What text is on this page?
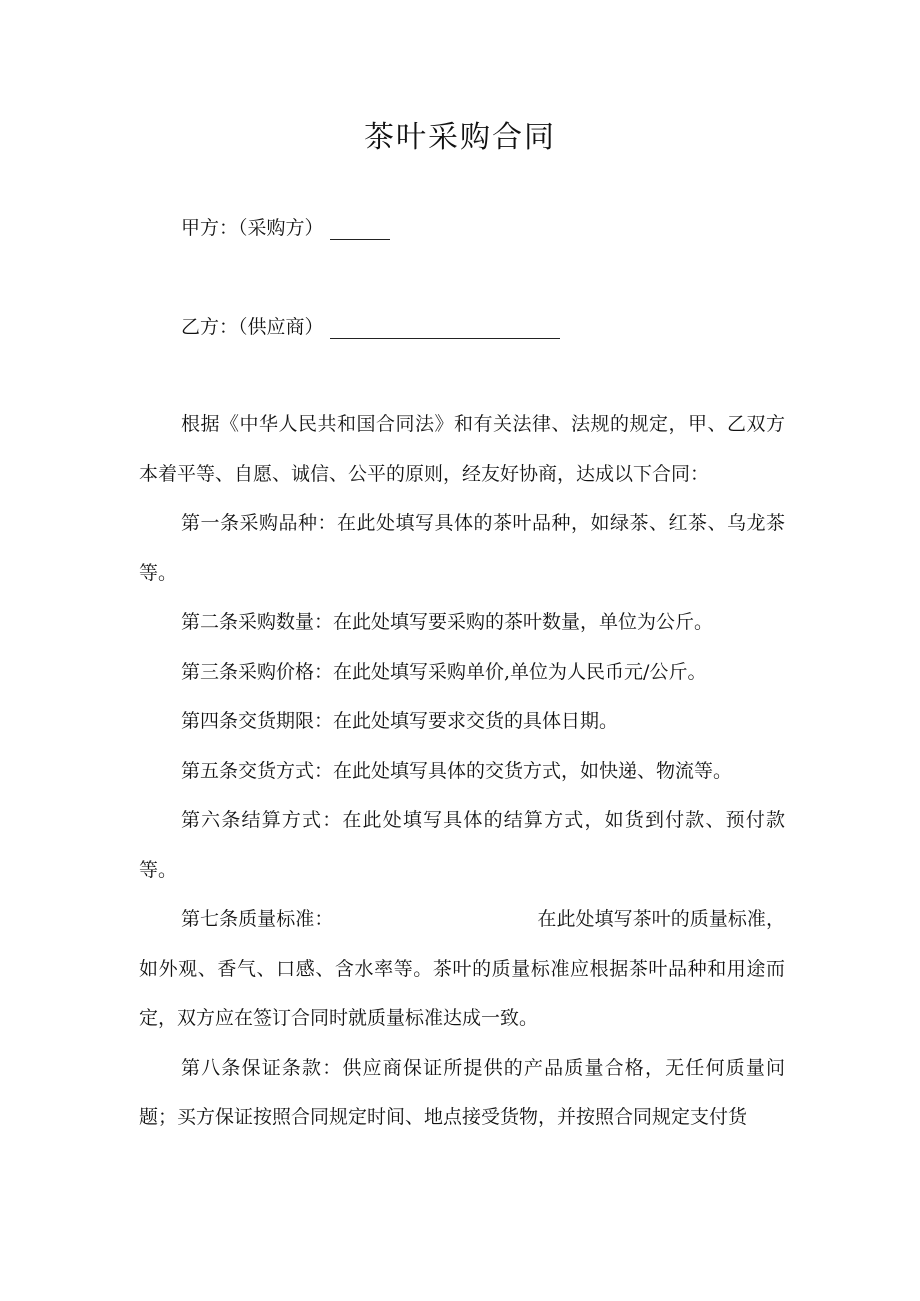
茶叶采购合同
甲方：（采购方）
乙方：（供应商）

根据《中华人民共和国合同法》和有关法律、法规的规定，甲、乙双方本着平等、自愿、诚信、公平的原则，经友好协商，达成以下合同：

第一条采购品种：在此处填写具体的茶叶品种，如绿茶、红茶、乌龙茶等。

第二条采购数量：在此处填写要采购的茶叶数量，单位为公斤。

第三条采购价格：在此处填写采购单价,单位为人民币元/公斤。

第四条交货期限：在此处填写要求交货的具体日期。

第五条交货方式：在此处填写具体的交货方式，如快递、物流等。

第六条结算方式：在此处填写具体的结算方式，如货到付款、预付款等。

第七条质量标准：	在此处填写茶叶的质量标准，如外观、香气、口感、含水率等。茶叶的质量标准应根据茶叶品种和用途而定，双方应在签订合同时就质量标准达成一致。

第八条保证条款：供应商保证所提供的产品质量合格，无任何质量问题；买方保证按照合同规定时间、地点接受货物，并按照合同规定支付货
